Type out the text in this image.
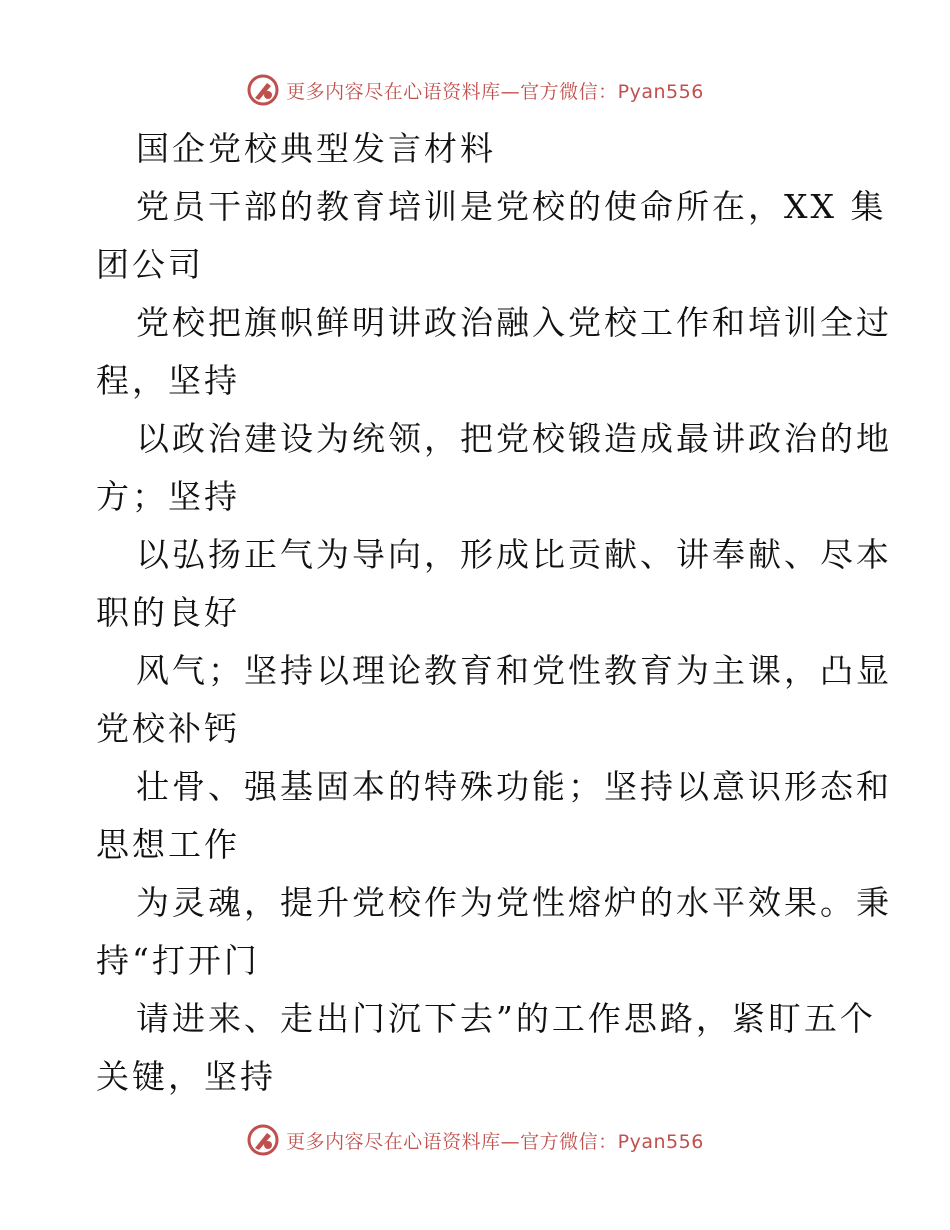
更多内容尽在心语资料库—官方微信：Pyan556
国企党校典型发言材料
党员干部的教育培训是党校的使命所在，XX 集
团公司
党校把旗帜鲜明讲政治融入党校工作和培训全过
程，坚持
以政治建设为统领，把党校锻造成最讲政治的地
方；坚持
以弘扬正气为导向，形成比贡献、讲奉献、尽本
职的良好
风气；坚持以理论教育和党性教育为主课，凸显
党校补钙
壮骨、强基固本的特殊功能；坚持以意识形态和
思想工作
为灵魂，提升党校作为党性熔炉的水平效果。秉
持“打开门
请进来、走出门沉下去”的工作思路，紧盯五个
关键，坚持
更多内容尽在心语资料库—官方微信：Pyan556
